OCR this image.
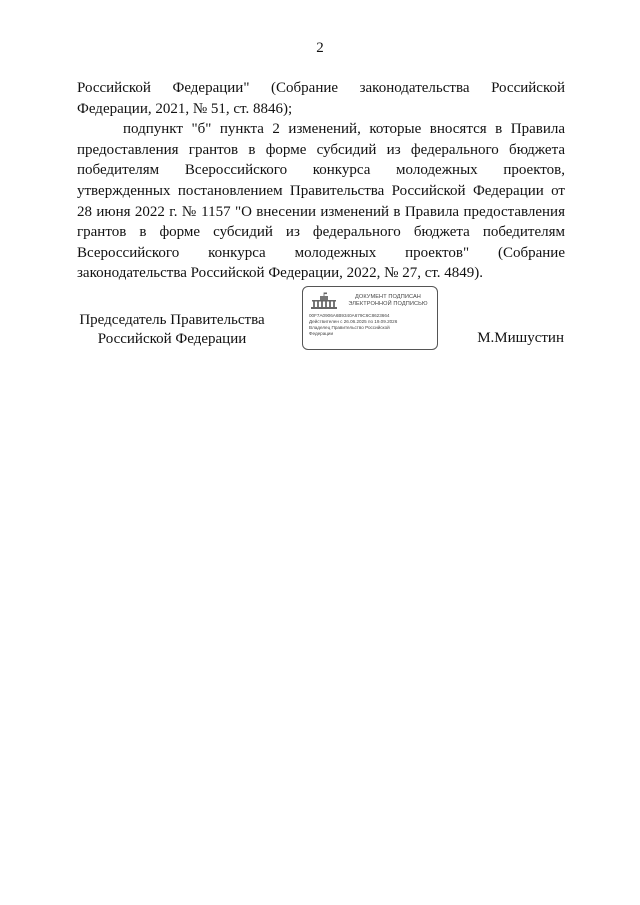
2

Российской Федерации" (Собрание законодательства Российской Федерации, 2021, № 51, ст. 8846);

подпункт "б" пункта 2 изменений, которые вносятся в Правила предоставления грантов в форме субсидий из федерального бюджета победителям Всероссийского конкурса молодежных проектов, утвержденных постановлением Правительства Российской Федерации от 28 июня 2022 г. № 1157 "О внесении изменений в Правила предоставления грантов в форме субсидий из федерального бюджета победителям Всероссийского конкурса молодежных проектов" (Собрание законодательства Российской Федерации, 2022, № 27, ст. 4849).

Председатель Правительства
Российской Федерации
ДОКУМЕНТ ПОДПИСАН
ЭЛЕКТРОННОЙ ПОДПИСЬЮ
00F7A0906A6B9340A679C6C8623664
Действителен с 26.06.2025 по 19.09.2026
Владелец Правительство Российской
Федерации	М.Мишустин
